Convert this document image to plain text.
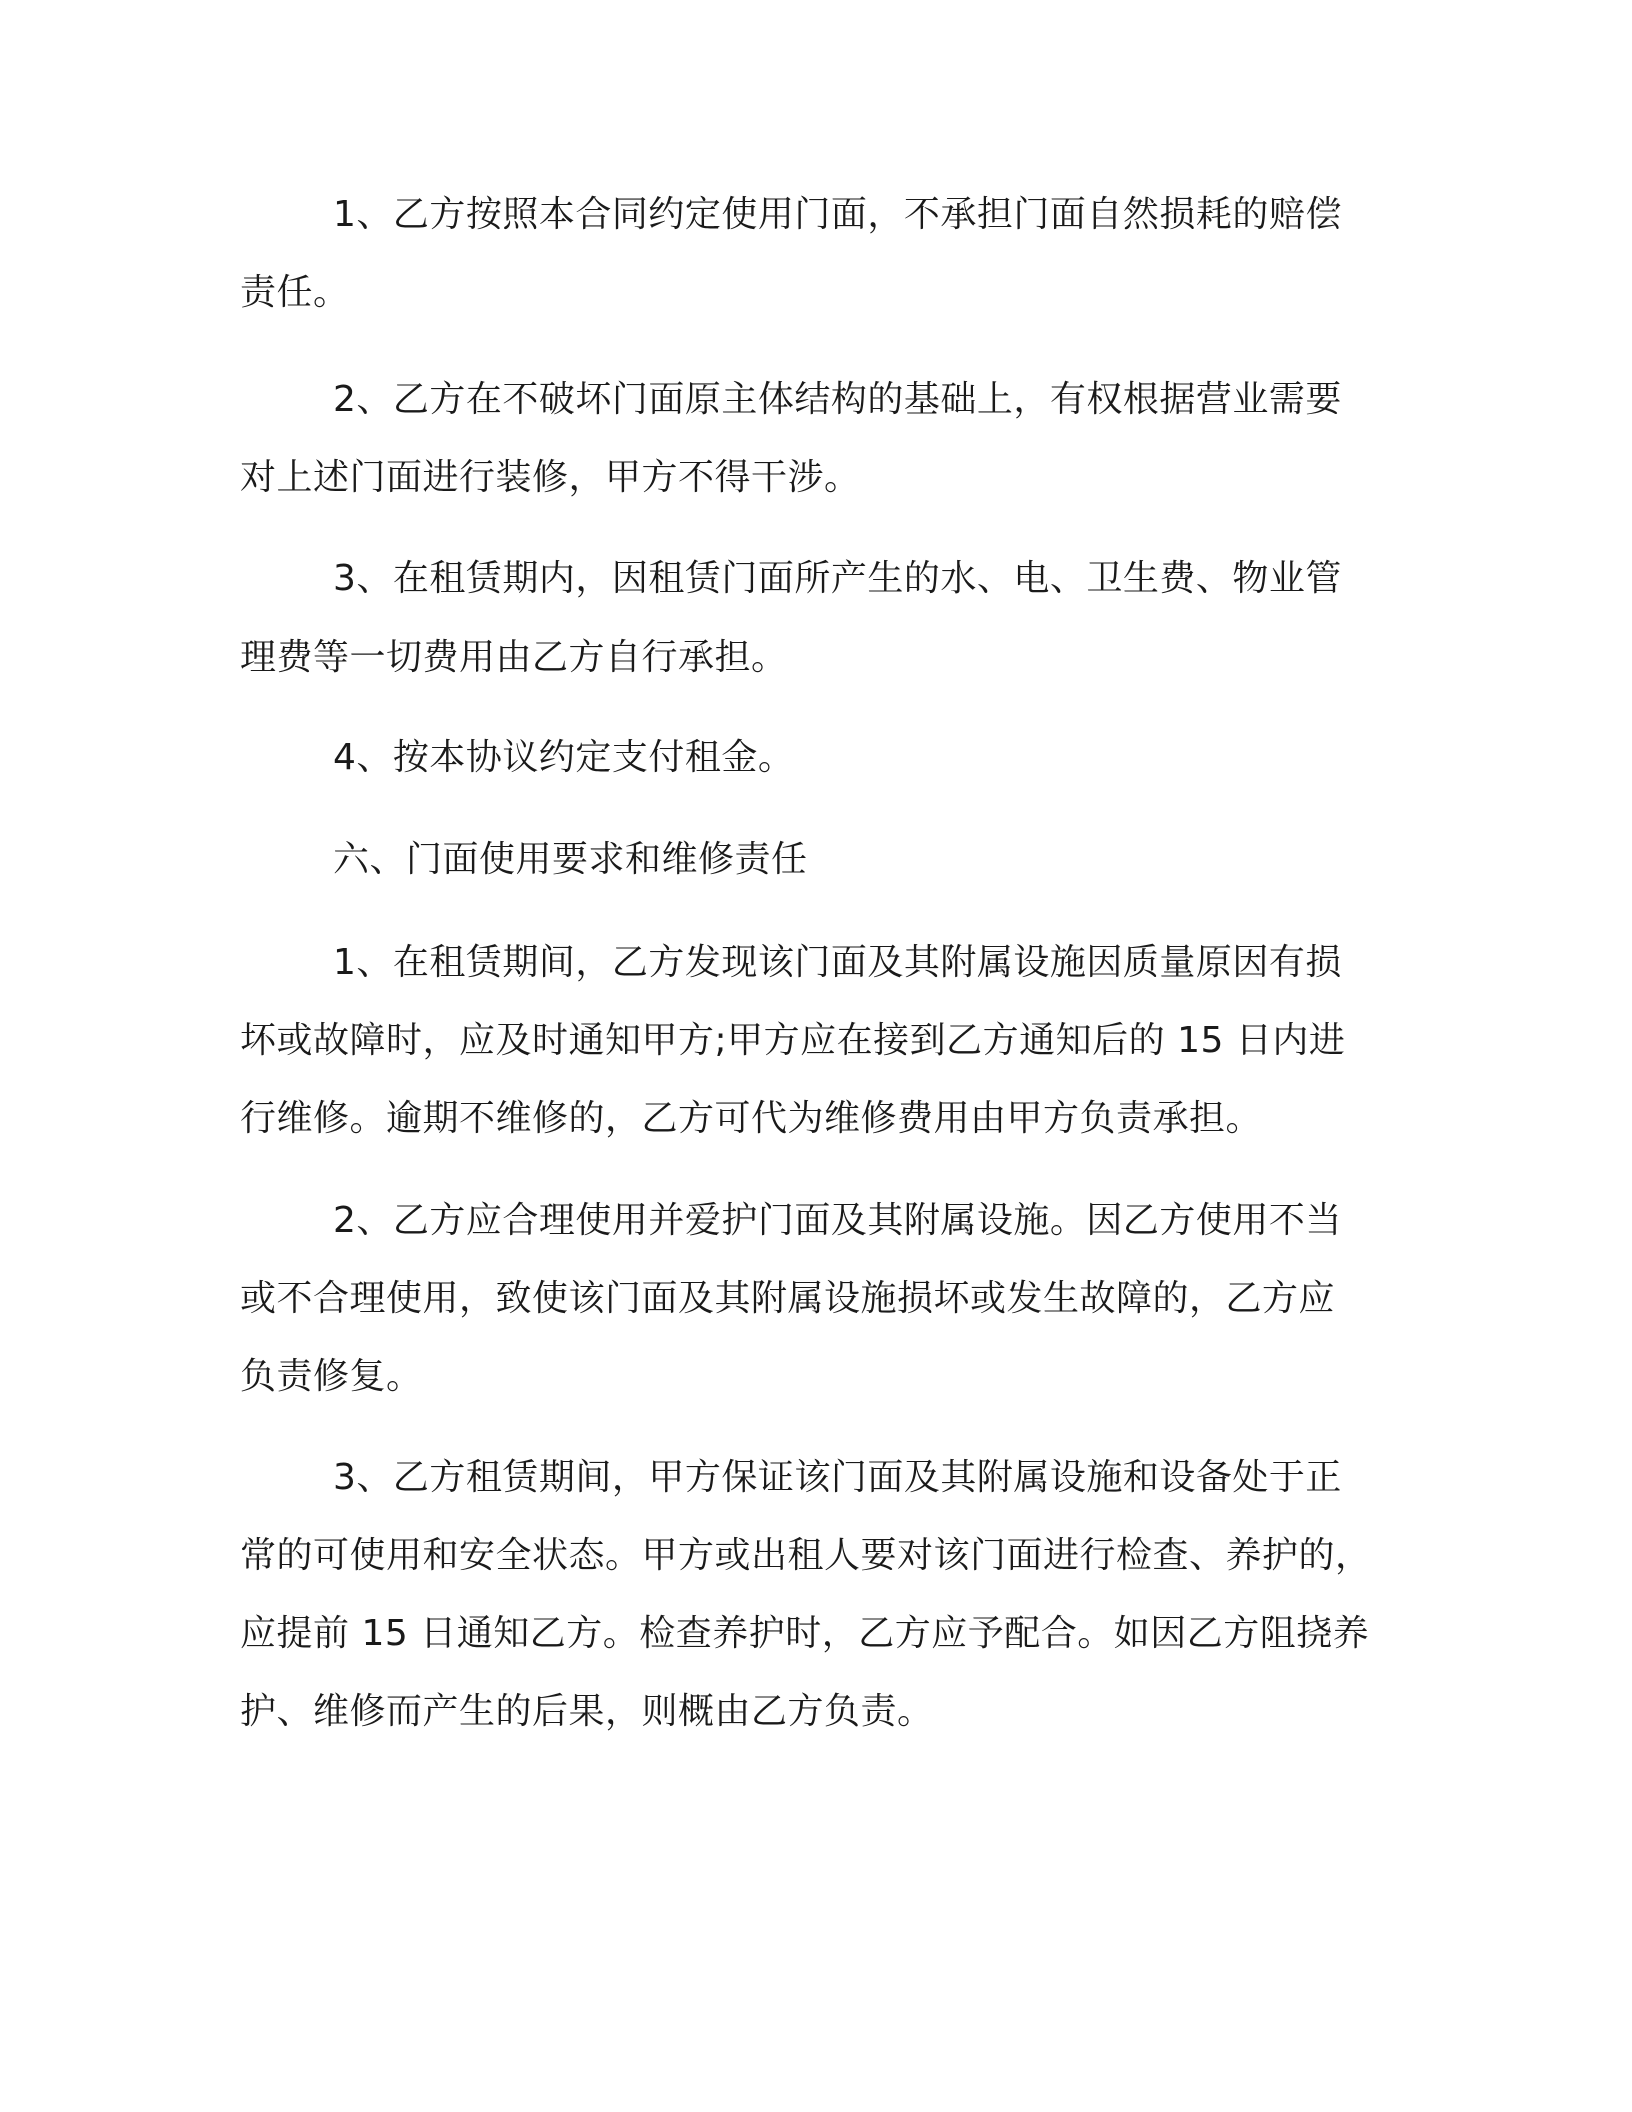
1、乙方按照本合同约定使用门面，不承担门面自然损耗的赔偿

责任。

2、乙方在不破坏门面原主体结构的基础上，有权根据营业需要

对上述门面进行装修，甲方不得干涉。

3、在租赁期内，因租赁门面所产生的水、电、卫生费、物业管

理费等一切费用由乙方自行承担。

4、按本协议约定支付租金。

六、门面使用要求和维修责任

1、在租赁期间，乙方发现该门面及其附属设施因质量原因有损

坏或故障时，应及时通知甲方;甲方应在接到乙方通知后的 15 日内进

行维修。逾期不维修的，乙方可代为维修费用由甲方负责承担。

2、乙方应合理使用并爱护门面及其附属设施。因乙方使用不当

或不合理使用，致使该门面及其附属设施损坏或发生故障的，乙方应

负责修复。

3、乙方租赁期间，甲方保证该门面及其附属设施和设备处于正

常的可使用和安全状态。甲方或出租人要对该门面进行检查、养护的，

应提前 15 日通知乙方。检查养护时，乙方应予配合。如因乙方阻挠养

护、维修而产生的后果，则概由乙方负责。
